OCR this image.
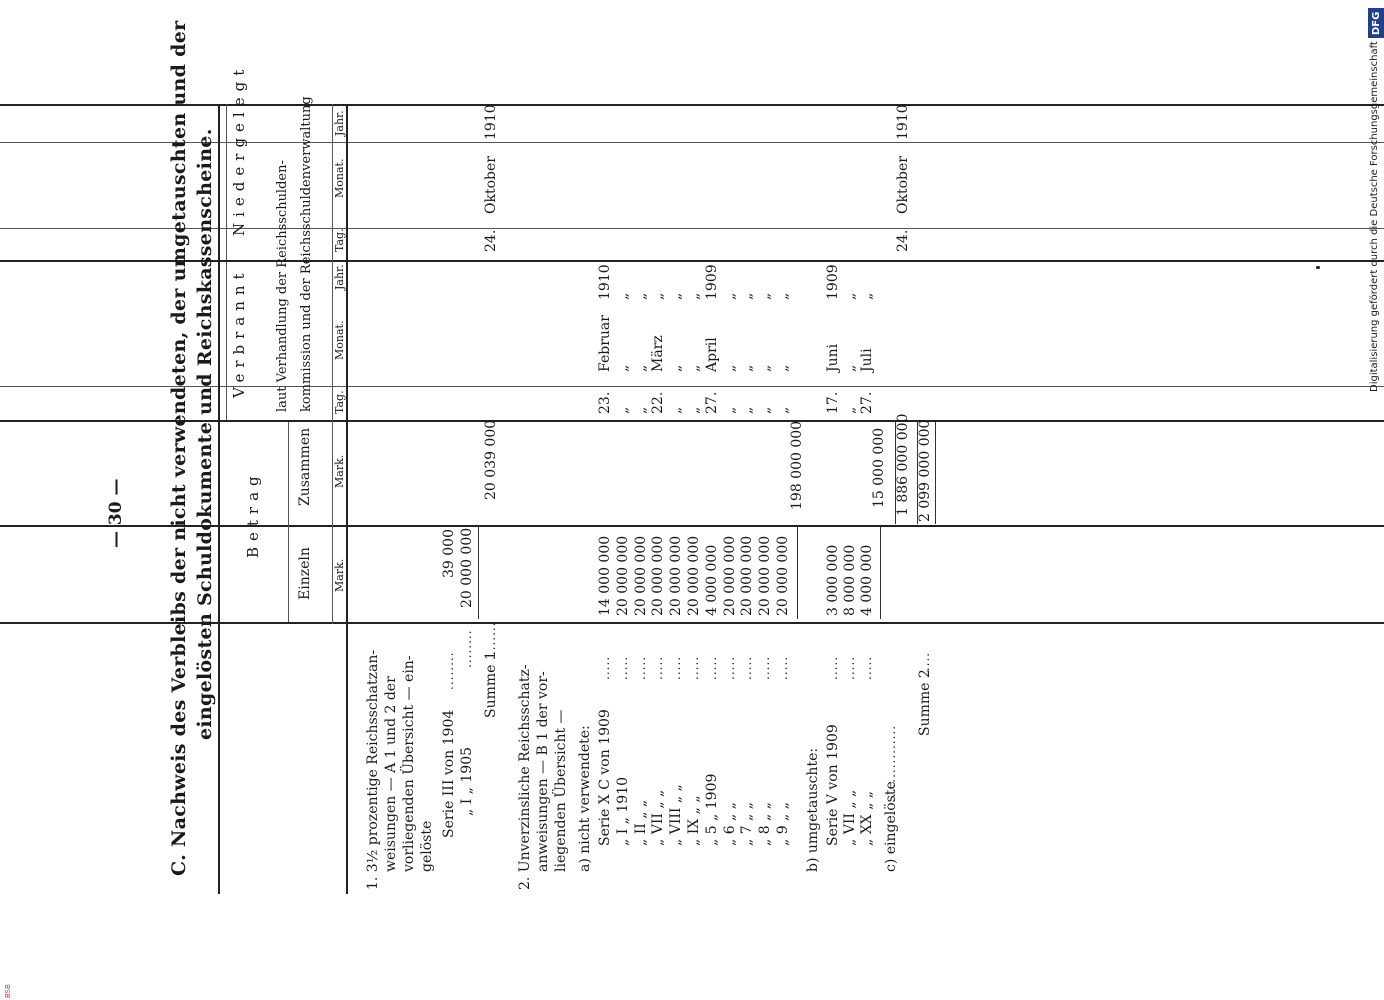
— 30 — C. Nachweis des Verbleibs der nicht verwendeten, der umgetauschten und der eingelösten Schuldokumente und Reichskassenscheine. Betrag
Einzeln Mark.
Zusammen Mark.
Verbrannt laut Verhandlung der Reichsschulden- kommission und der Reichsschuldenverwaltung Tag.
Monat.
Jahr.
Niedergelegt
Tag.
Monat.
Jahr.
1. 3½ prozentige Reichsschatzan- weisungen — A 1 und 2 der vorliegenden Übersicht — ein- gelöste
Serie III von 1904
........
39 000
„ I „ 1905
........
20 000 000
Summe 1
........
20 039 000
24.
Oktober
1910
2. Unverzinsliche Reichsschatz- anweisungen — B 1 der vor- liegenden Übersicht — a) nicht verwendete: Serie X C von 1909
.....
14 000 000
23.
Februar
1910
„ I „ 1910
.....
20 000 000
„
„
„
„ II „ „
.....
20 000 000
„
„
„
„ VII „ „
.....
20 000 000
22.
März
„
„ VIII „ „
.....
20 000 000
„
„
„
„ IX „ „
.....
20 000 000
„
„
„
„ 5 „ 1909
.....
4 000 000
27.
April
1909
„ 6 „ „
.....
20 000 000
„
„
„
„ 7 „ „
.....
20 000 000
„
„
„
„ 8 „ „
.....
20 000 000
„
„
„
„ 9 „ „
.....
20 000 000
„
„
„
198 000 000
b) umgetauschte: Serie V von 1909
.....
3 000 000
17.
Juni
1909
„ VII „ „
.....
8 000 000
„
„
„
„ XX „ „
.....
4 000 000
27.
Juli
„
15 000 000
c) eingelöste
................
1 886 000 000
24.
Oktober
1910
Summe 2
.....
2 099 000 000
Digitalisierung gefördert durch die Deutsche Forschungsgemeinschaft
DFG
BSB
